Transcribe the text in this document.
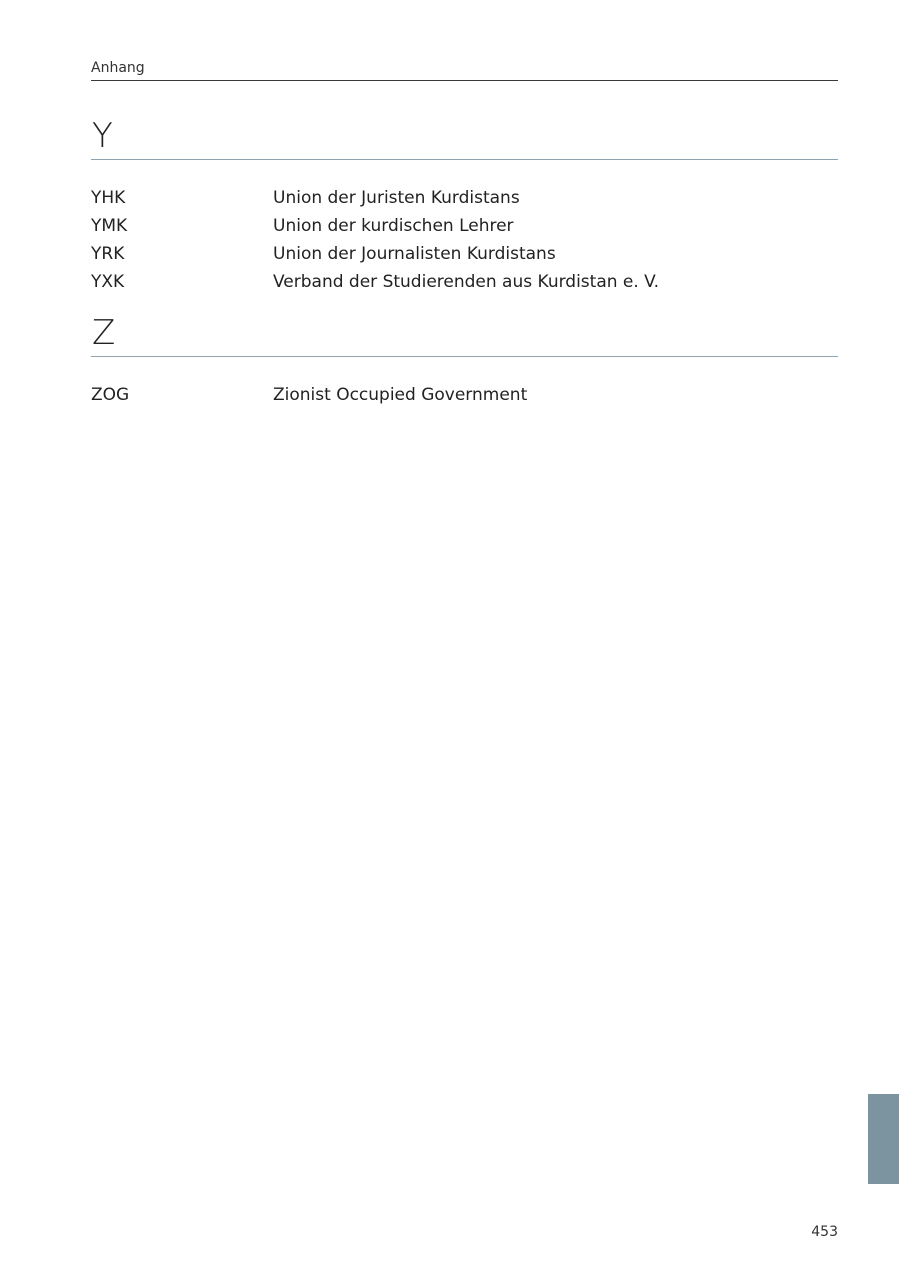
Anhang
Y
YHK	Union der Juristen Kurdistans
YMK	Union der kurdischen Lehrer
YRK	Union der Journalisten Kurdistans
YXK	Verband der Studierenden aus Kurdistan e. V.
Z
ZOG	Zionist Occupied Government
453
